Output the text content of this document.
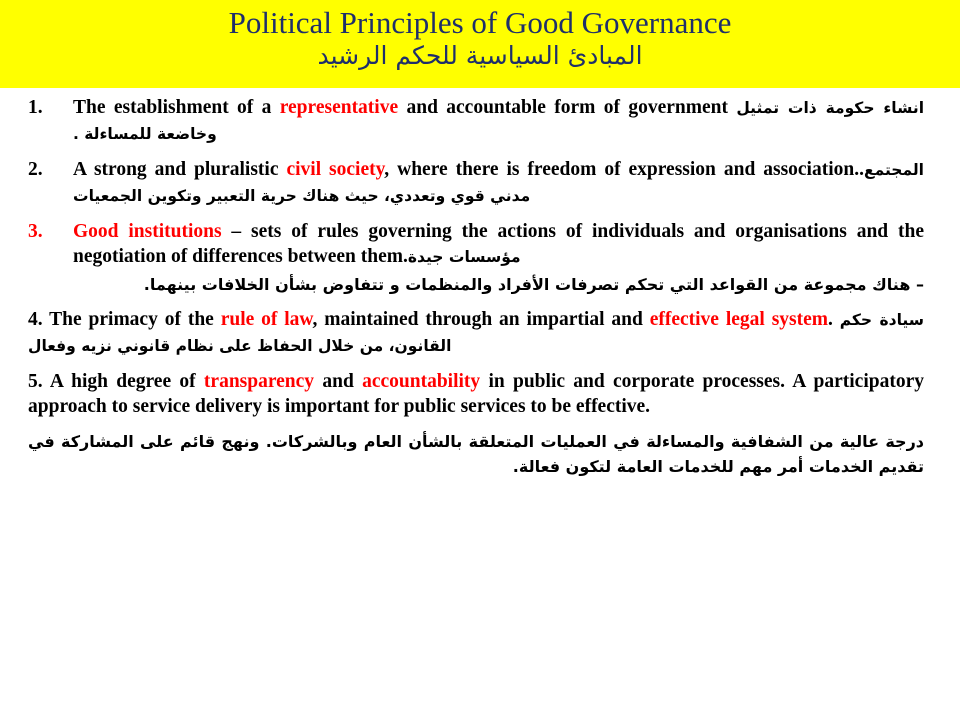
Political Principles of Good Governance
المبادئ السياسية للحكم الرشيد
1. The establishment of a representative and accountable form of government انشاء حكومة ذات تمثيل وخاضعة للمساءلة .
2. A strong and pluralistic civil society, where there is freedom of expression and association..المجتمع مدني قوي وتعددي، حيث هناك حرية التعبير وتكوين الجمعيات
3. Good institutions – sets of rules governing the actions of individuals and organisations and the negotiation of differences between them.مؤسسات جيدة
– هناك مجموعة من القواعد التي تحكم تصرفات الأفراد والمنظمات و تتفاوض بشأن الخلافات بينهما.
4. The primacy of the rule of law, maintained through an impartial and effective legal system. سيادة حكم القانون، من خلال الحفاظ على نظام قانوني نزيه وفعال
5. A high degree of transparency and accountability in public and corporate processes. A participatory approach to service delivery is important for public services to be effective.
درجة عالية من الشفافية والمساءلة في العمليات المتعلقة بالشأن العام وبالشركات. ونهج قائم على المشاركة في تقديم الخدمات أمر مهم للخدمات العامة لتكون فعالة.
